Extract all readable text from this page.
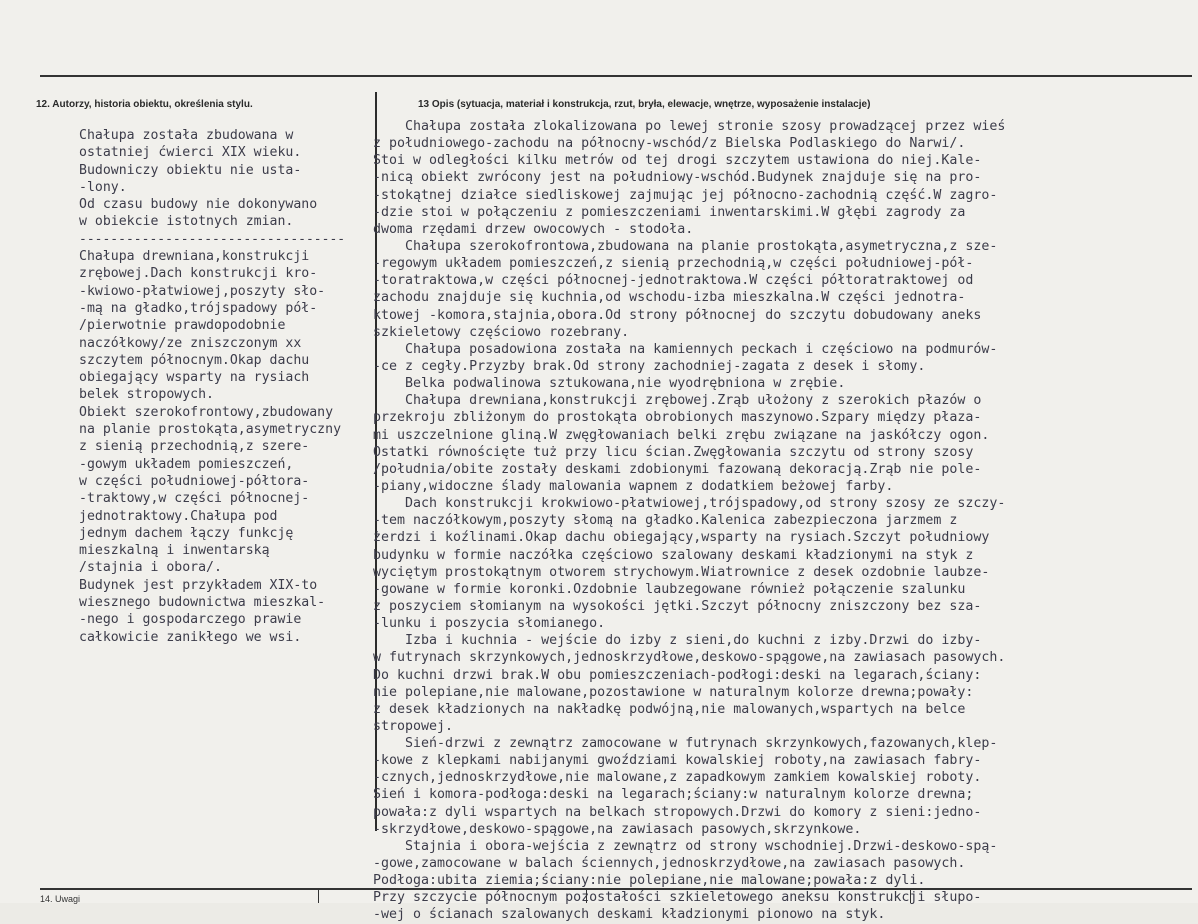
12. Autorzy, historia obiektu, określenia stylu.	13 Opis (sytuacja, materiał i konstrukcja, rzut, bryła, elewacje, wnętrze, wyposażenie instalacje)
Chałupa została zbudowana w
ostatniej ćwierci XIX wieku.
Budowniczy obiektu nie usta-
-lony.
Od czasu budowy nie dokonywano
w obiekcie istotnych zmian.
----------------------------------
Chałupa drewniana,konstrukcji
zrębowej.Dach konstrukcji kro-
-kwiowo-płatwiowej,poszyty sło-
-mą na gładko,trójspadowy pół-
/pierwotnie prawdopodobnie
naczółkowy/ze zniszczonym xx
szczytem północnym.Okap dachu
obiegający wsparty na rysiach
belek stropowych.
Obiekt szerokofrontowy,zbudowany
na planie prostokąta,asymetryczny
z sienią przechodnią,z szere-
-gowym układem pomieszczeń,
w części południowej-półtora-
-traktowy,w części północnej-
jednotraktowy.Chałupa pod
jednym dachem łączy funkcję
mieszkalną i inwentarską
/stajnia i obora/.
Budynek jest przykładem XIX-to
wiesznego budownictwa mieszkal-
-nego i gospodarczego prawie
całkowicie zanikłego we wsi.
Chałupa została zlokalizowana po lewej stronie szosy prowadzącej przez wieś
z południowego-zachodu na północny-wschód/z Bielska Podlaskiego do Narwi/.
Stoi w odległości kilku metrów od tej drogi szczytem ustawiona do niej.Kale-
-nicą obiekt zwrócony jest na południowy-wschód.Budynek znajduje się na pro-
-stokątnej działce siedliskowej zajmując jej północno-zachodnią część.W zagro-
-dzie stoi w połączeniu z pomieszczeniami inwentarskimi.W głębi zagrody za
dwoma rzędami drzew owocowych - stodoła.
Chałupa szerokofrontowa,zbudowana na planie prostokąta,asymetryczna,z sze-
-regowym układem pomieszczeń,z sienią przechodnią,w części południowej-pół-
-toratraktowa,w części północnej-jednotraktowa.W części półtoratraktowej od
zachodu znajduje się kuchnia,od wschodu-izba mieszkalna.W części jednotra-
ktowej -komora,stajnia,obora.Od strony północnej do szczytu dobudowany aneks
szkieletowy częściowo rozebrany.
Chałupa posadowiona została na kamiennych peckach i częściowo na podmurów-
-ce z cegły.Przyzby brak.Od strony zachodniej-zagata z desek i słomy.
Belka podwalinowa sztukowana,nie wyodrębniona w zrębie.
Chałupa drewniana,konstrukcji zrębowej.Zrąb ułożony z szerokich płazów o
przekroju zbliżonym do prostokąta obrobionych maszynowo.Szpary między płaza-
mi uszczelnione gliną.W zwęgłowaniach belki zrębu związane na jaskółczy ogon.
Ostatki równościęte tuż przy licu ścian.Zwęgłowania szczytu od strony szosy
/południa/obite zostały deskami zdobionymi fazowaną dekoracją.Zrąb nie pole-
-piany,widoczne ślady malowania wapnem z dodatkiem beżowej farby.
Dach konstrukcji krokwiowo-płatwiowej,trójspadowy,od strony szosy ze szczy-
-tem naczółkowym,poszyty słomą na gładko.Kalenica zabezpieczona jarzmem z
żerdzi i koźlinami.Okap dachu obiegający,wsparty na rysiach.Szczyt południowy
budynku w formie naczółka częściowo szalowany deskami kładzionymi na styk z
wyciętym prostokątnym otworem strychowym.Wiatrownice z desek ozdobnie laubze-
-gowane w formie koronki.Ozdobnie laubzegowane również połączenie szalunku
z poszyciem słomianym na wysokości jętki.Szczyt północny zniszczony bez sza-
-lunku i poszycia słomianego.
Izba i kuchnia - wejście do izby z sieni,do kuchni z izby.Drzwi do izby-
w futrynach skrzynkowych,jednoskrzydłowe,deskowo-spągowe,na zawiasach pasowych.
Do kuchni drzwi brak.W obu pomieszczeniach-podłogi:deski na legarach,ściany:
nie polepiane,nie malowane,pozostawione w naturalnym kolorze drewna;powały:
z desek kładzionych na nakładkę podwójną,nie malowanych,wspartych na belce
stropowej.
Sień-drzwi z zewnątrz zamocowane w futrynach skrzynkowych,fazowanych,klep-
-kowe z klepkami nabijanymi gwoździami kowalskiej roboty,na zawiasach fabry-
-cznych,jednoskrzydłowe,nie malowane,z zapadkowym zamkiem kowalskiej roboty.
Sień i komora-podłoga:deski na legarach;ściany:w naturalnym kolorze drewna;
powała:z dyli wspartych na belkach stropowych.Drzwi do komory z sieni:jedno-
-skrzydłowe,deskowo-spągowe,na zawiasach pasowych,skrzynkowe.
Stajnia i obora-wejścia z zewnątrz od strony wschodniej.Drzwi-deskowo-spą-
-gowe,zamocowane w balach ściennych,jednoskrzydłowe,na zawiasach pasowych.
Podłoga:ubita ziemia;ściany:nie polepiane,nie malowane;powała:z dyli.
Przy szczycie północnym pozostałości szkieletowego aneksu konstrukcji słupo-
-wej o ścianach szalowanych deskami kładzionymi pionowo na styk.
14. Uwagi
